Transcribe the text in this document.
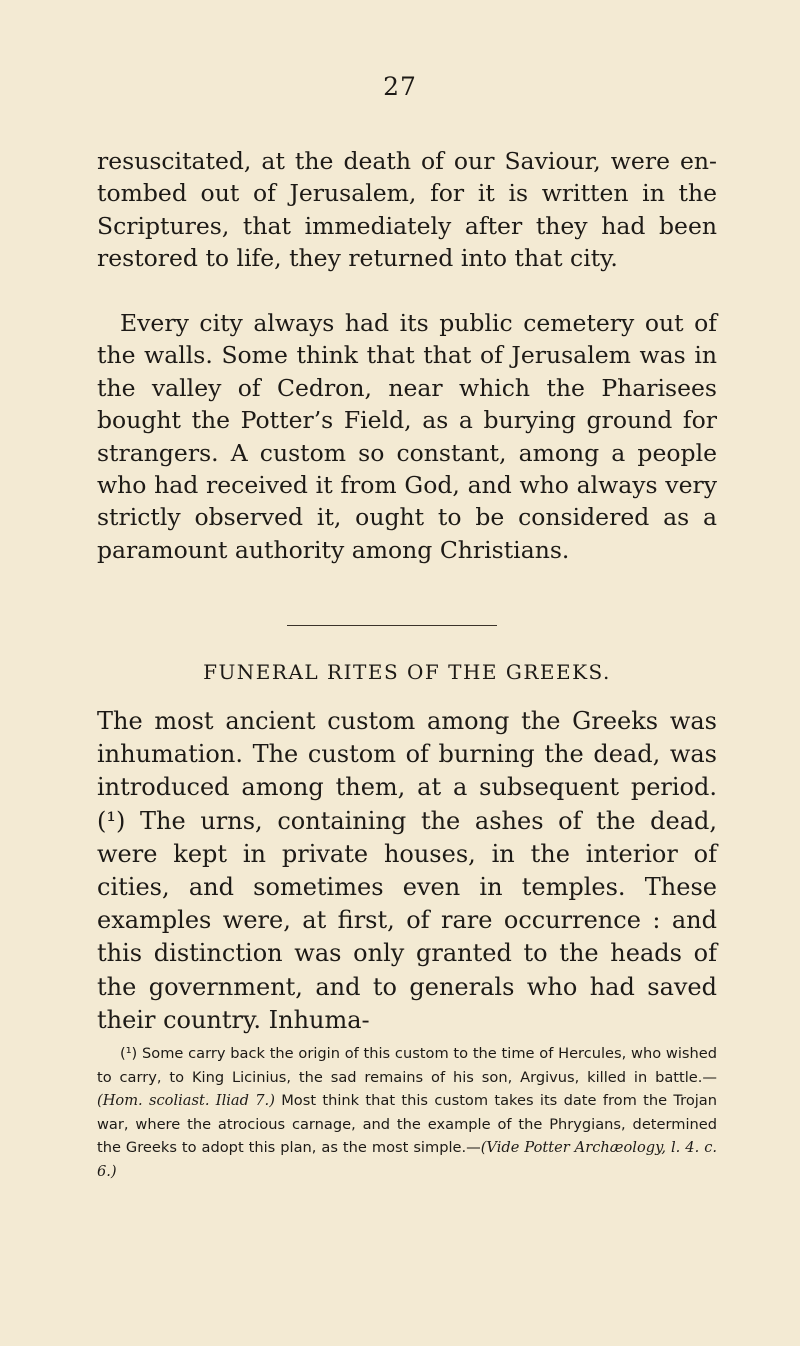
27

resuscitated, at the death of our Saviour, were en-tombed out of Jerusalem, for it is written in the Scriptures, that immediately after they had been restored to life, they returned into that city.

Every city always had its public cemetery out of the walls. Some think that that of Jerusalem was in the valley of Cedron, near which the Pharisees bought the Potter’s Field, as a burying ground for strangers. A custom so constant, among a people who had received it from God, and who always very strictly observed it, ought to be considered as a paramount authority among Christians.

FUNERAL RITES OF THE GREEKS.

The most ancient custom among the Greeks was inhumation. The custom of burning the dead, was introduced among them, at a subsequent period. (¹) The urns, containing the ashes of the dead, were kept in private houses, in the interior of cities, and sometimes even in temples. These examples were, at first, of rare occurrence : and this distinction was only granted to the heads of the government, and to generals who had saved their country. Inhuma-

(¹) Some carry back the origin of this custom to the time of Hercules, who wished to carry, to King Licinius, the sad remains of his son, Argivus, killed in battle.—(Hom. scoliast. Iliad 7.) Most think that this custom takes its date from the Trojan war, where the atrocious carnage, and the example of the Phrygians, determined the Greeks to adopt this plan, as the most simple.—(Vide Potter Archæology, l. 4. c. 6.)
